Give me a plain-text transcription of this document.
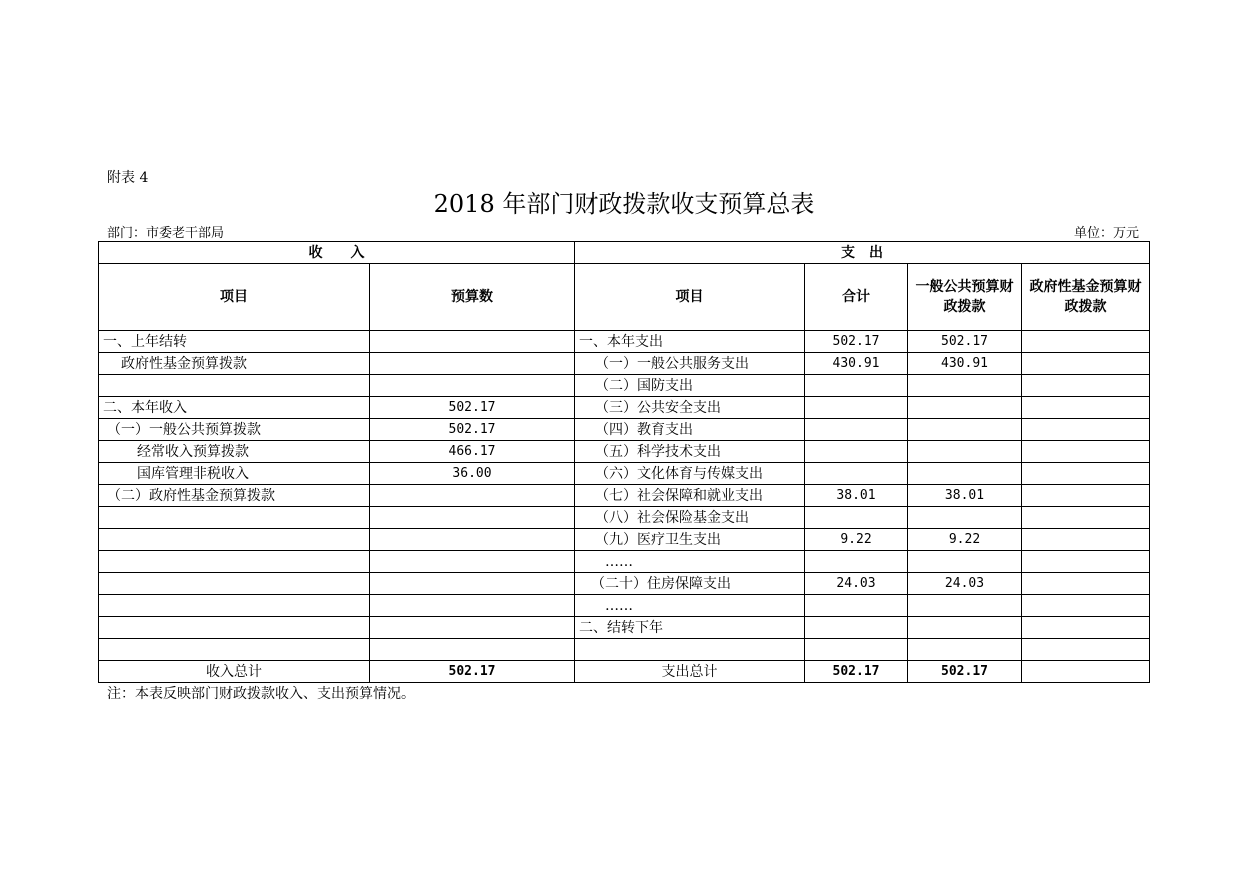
附表 4
2018 年部门财政拨款收支预算总表
部门：市委老干部局	单位：万元
收　　入		支　出			
项目	预算数	项目	合计	一般公共预算财政拨款	政府性基金预算财政拨款
一、上年结转		一、本年支出	502.17	502.17	
政府性基金预算拨款		（一）一般公共服务支出	430.91	430.91	
		（二）国防支出			
二、本年收入	502.17	（三）公共安全支出			
（一）一般公共预算拨款	502.17	（四）教育支出			
经常收入预算拨款	466.17	（五）科学技术支出			
国库管理非税收入	36.00	（六）文化体育与传媒支出			
（二）政府性基金预算拨款		（七）社会保障和就业支出	38.01	38.01	
		（八）社会保险基金支出			
		（九）医疗卫生支出	9.22	9.22	
		……			
		（二十）住房保障支出	24.03	24.03	
		……			
		二、结转下年			

收入总计	502.17	支出总计	502.17	502.17	
注：本表反映部门财政拨款收入、支出预算情况。
